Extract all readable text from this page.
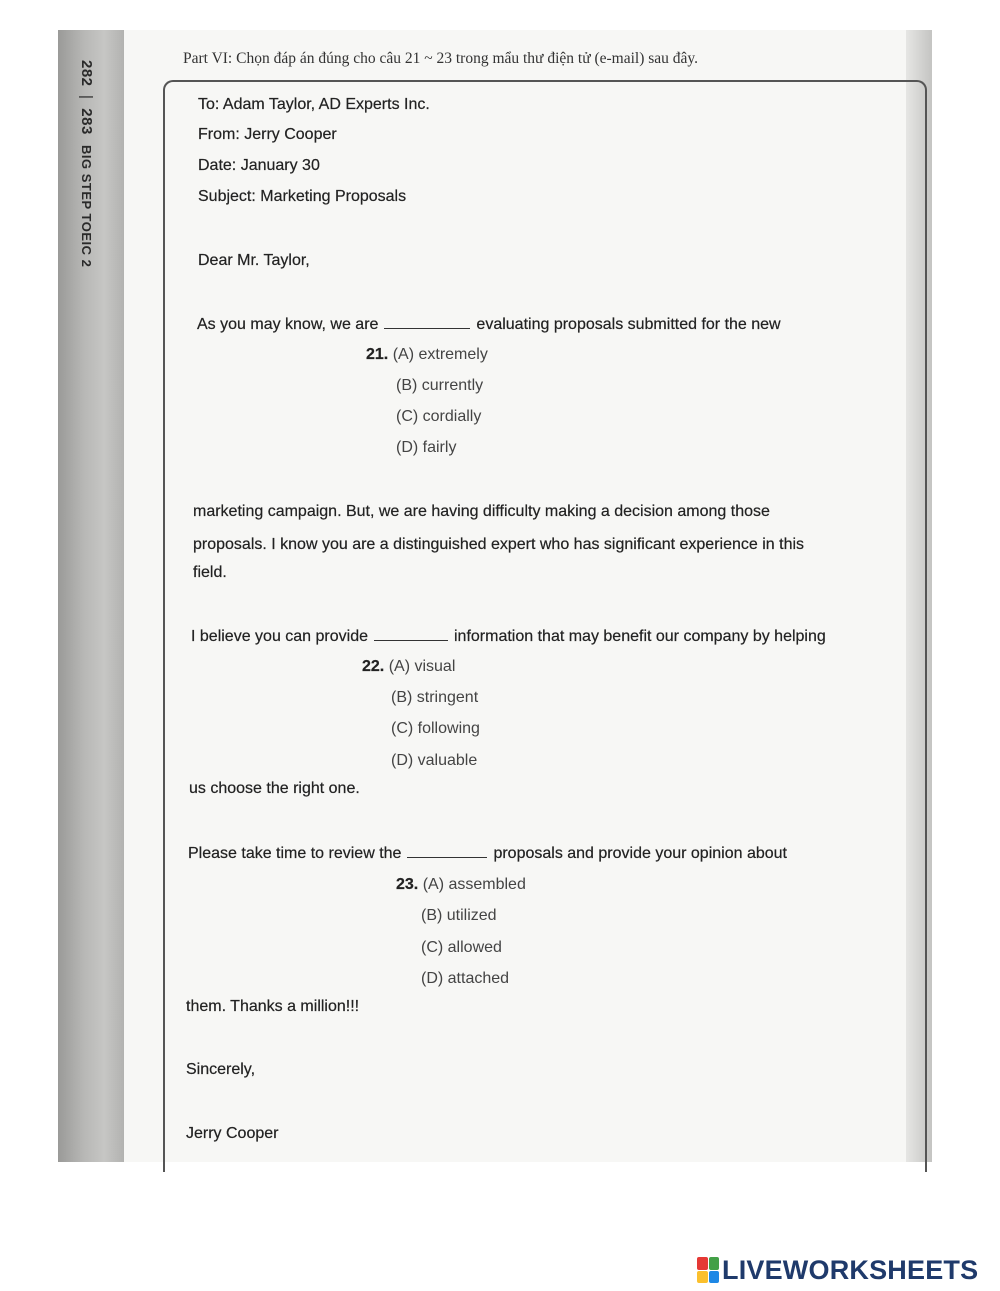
282 | 283 BIG STEP TOEIC 2
Part VI: Chọn đáp án đúng cho câu 21 ~ 23 trong mẩu thư điện tử (e-mail) sau đây.
To: Adam Taylor, AD Experts Inc.
From: Jerry Cooper
Date: January 30
Subject: Marketing Proposals
Dear Mr. Taylor,
As you may know, we are	evaluating proposals submitted for the new
21. (A) extremely
(B) currently
(C) cordially
(D) fairly
marketing campaign. But, we are having difficulty making a decision among those
proposals. I know you are a distinguished expert who has significant experience in this
field.
I believe you can provide	information that may benefit our company by helping
22. (A) visual
(B) stringent
(C) following
(D) valuable
us choose the right one.
Please take time to review the	proposals and provide your opinion about
23. (A) assembled
(B) utilized
(C) allowed
(D) attached
them. Thanks a million!!!
Sincerely,
Jerry Cooper
LIVEWORKSHEETS
